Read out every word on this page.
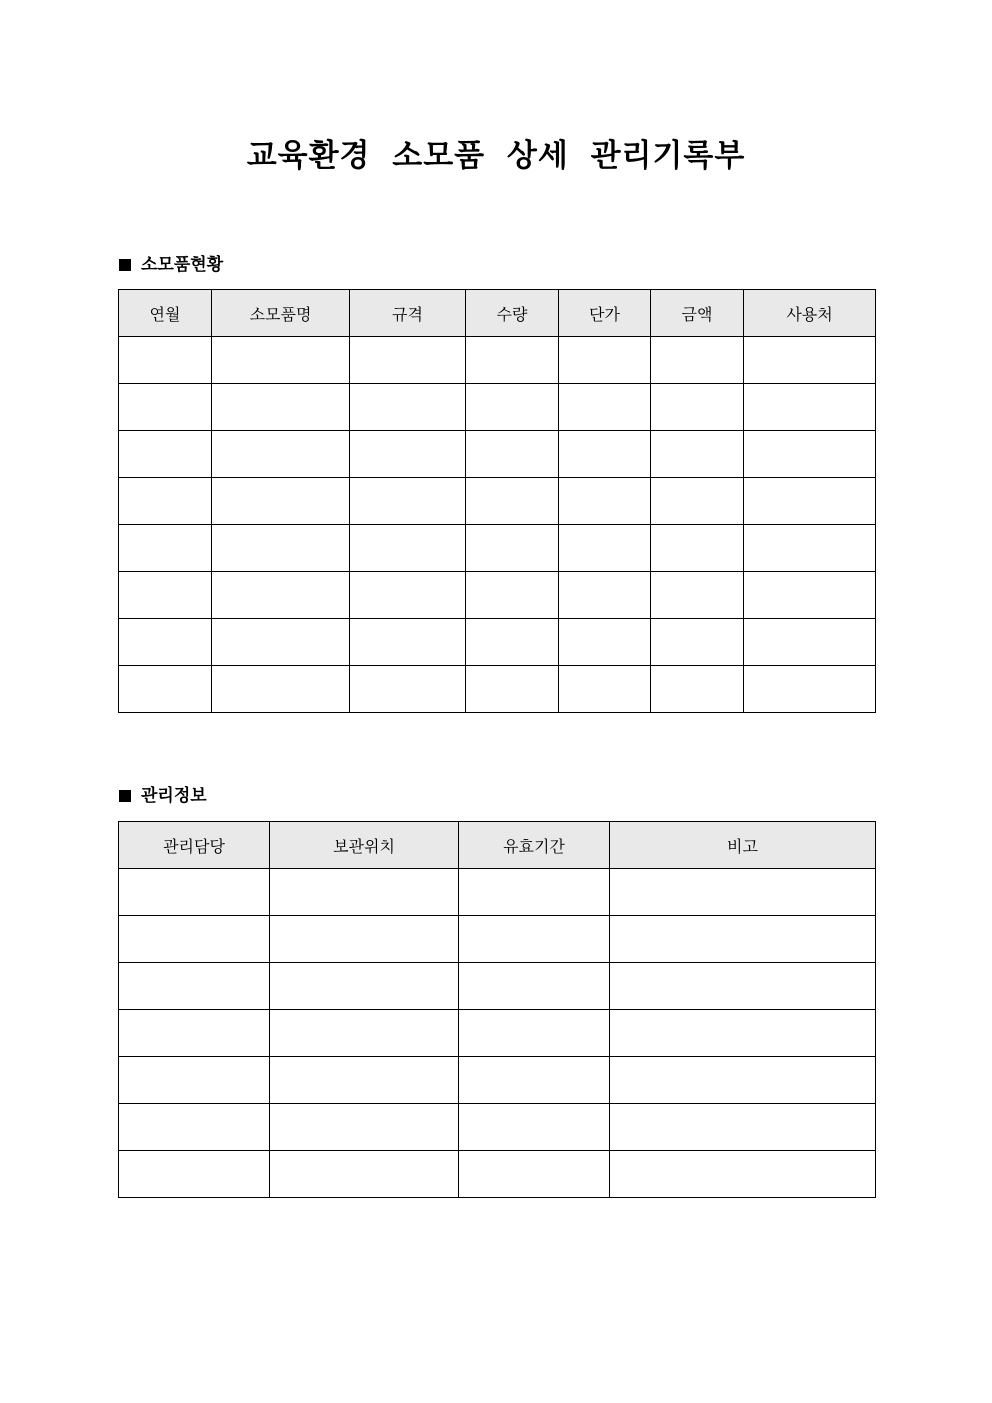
교육환경 소모품 상세 관리기록부
소모품현황
연월	소모품명	규격	수량	단가	금액	사용처

관리정보
관리담당	보관위치	유효기간	비고
